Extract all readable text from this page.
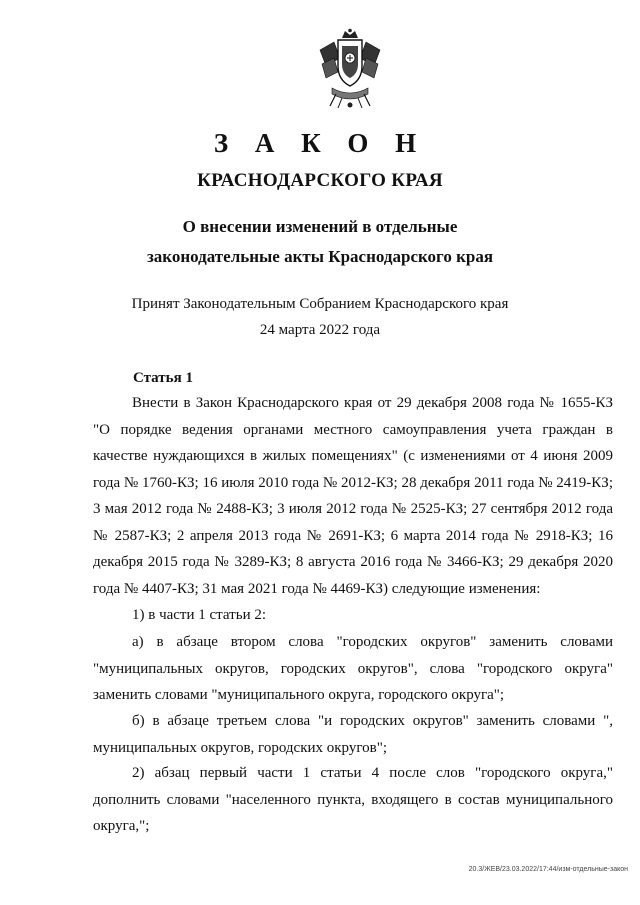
З А К О Н
КРАСНОДАРСКОГО КРАЯ
О внесении изменений в отдельные
законодательные акты Краснодарского края
Принят Законодательным Собранием Краснодарского края
24 марта 2022 года
Статья 1
Внести в Закон Краснодарского края от 29 декабря 2008 года № 1655-КЗ "О порядке ведения органами местного самоуправления учета граждан в качестве нуждающихся в жилых помещениях" (с изменениями от 4 июня 2009 года № 1760-КЗ; 16 июля 2010 года № 2012-КЗ; 28 декабря 2011 года № 2419-КЗ; 3 мая 2012 года № 2488-КЗ; 3 июля 2012 года № 2525-КЗ; 27 сентября 2012 года № 2587-КЗ; 2 апреля 2013 года № 2691-КЗ; 6 марта 2014 года № 2918-КЗ; 16 декабря 2015 года № 3289-КЗ; 8 августа 2016 года № 3466-КЗ; 29 декабря 2020 года № 4407-КЗ; 31 мая 2021 года № 4469-КЗ) следующие изменения:
1) в части 1 статьи 2:
а) в абзаце втором слова "городских округов" заменить словами "муниципальных округов, городских округов", слова "городского округа" заменить словами "муниципального округа, городского округа";
б) в абзаце третьем слова "и городских округов" заменить словами ", муниципальных округов, городских округов";
2) абзац первый части 1 статьи 4 после слов "городского округа," дополнить словами "населенного пункта, входящего в состав муниципального округа,";
20.3/ЖЕВ/23.03.2022/17:44/изм-отдельные-закон
